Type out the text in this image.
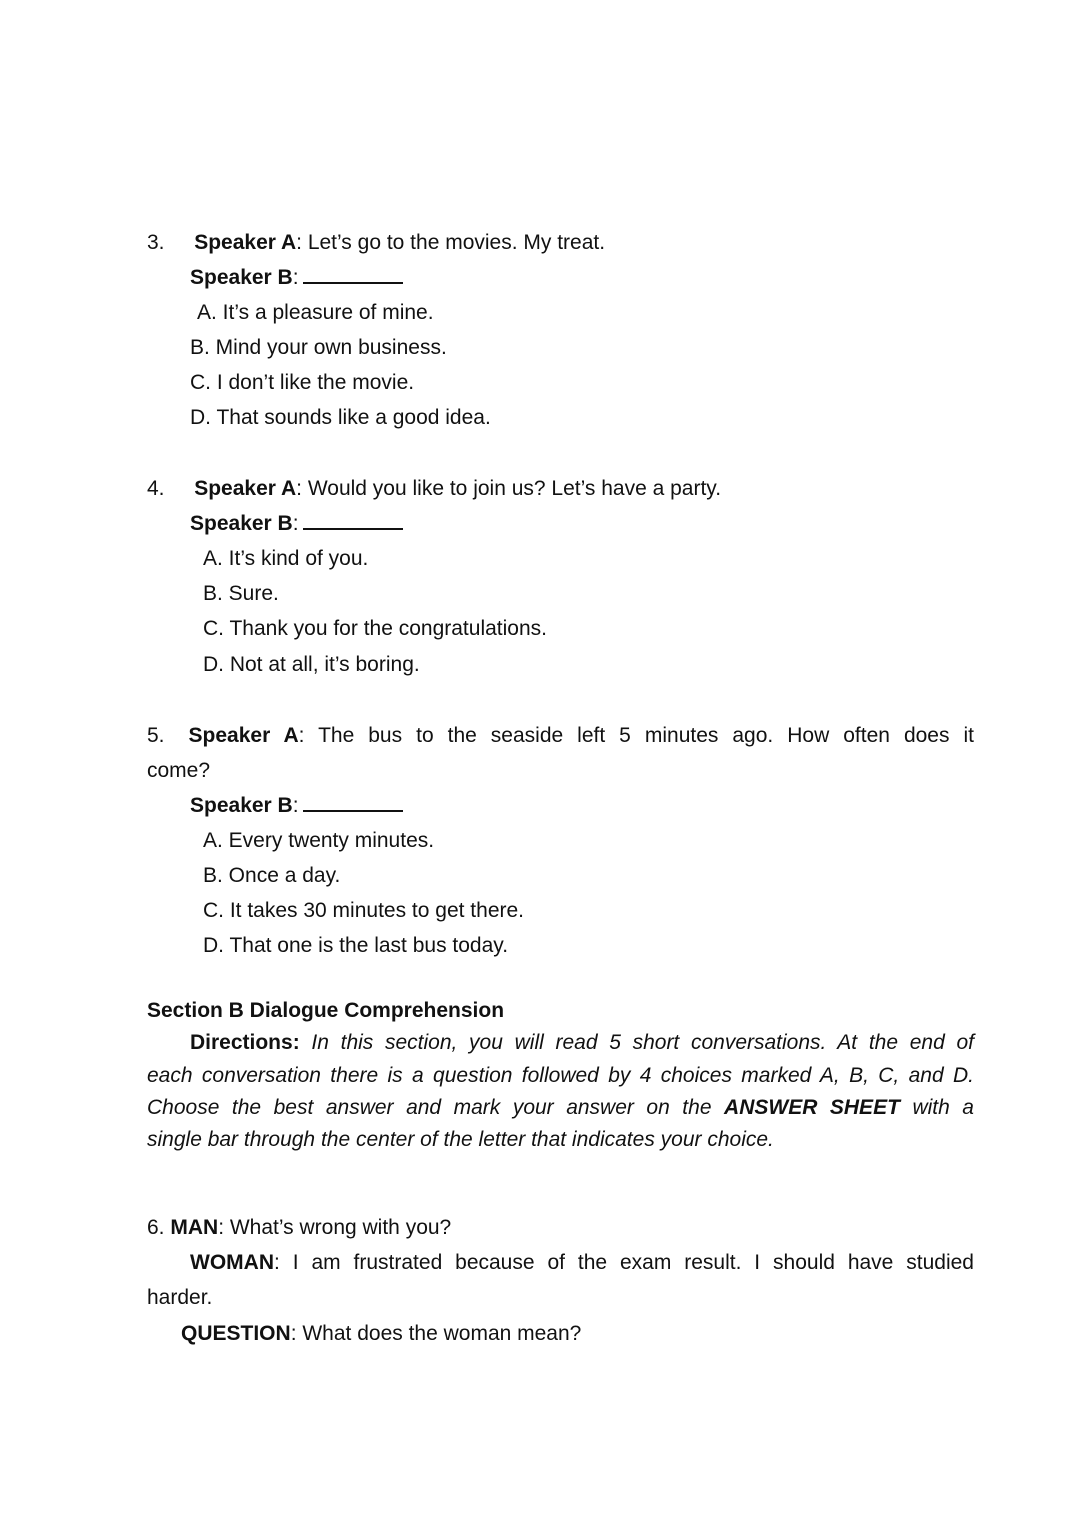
3. Speaker A: Let’s go to the movies. My treat.
Speaker B:
A. It’s a pleasure of mine.
B. Mind your own business.
C. I don’t like the movie.
D. That sounds like a good idea.
4. Speaker A: Would you like to join us? Let’s have a party.
Speaker B:
A. It’s kind of you.
B. Sure.
C. Thank you for the congratulations.
D. Not at all, it’s boring.
5. Speaker A: The bus to the seaside left 5 minutes ago. How often does it
come?
Speaker B:
A. Every twenty minutes.
B. Once a day.
C. It takes 30 minutes to get there.
D. That one is the last bus today.
Section B Dialogue Comprehension
Directions: In this section, you will read 5 short conversations. At the end of
each conversation there is a question followed by 4 choices marked A, B, C, and D.
Choose the best answer and mark your answer on the ANSWER SHEET with a
single bar through the center of the letter that indicates your choice.
6. MAN: What’s wrong with you?
WOMAN: I am frustrated because of the exam result. I should have studied
harder.
QUESTION: What does the woman mean?
